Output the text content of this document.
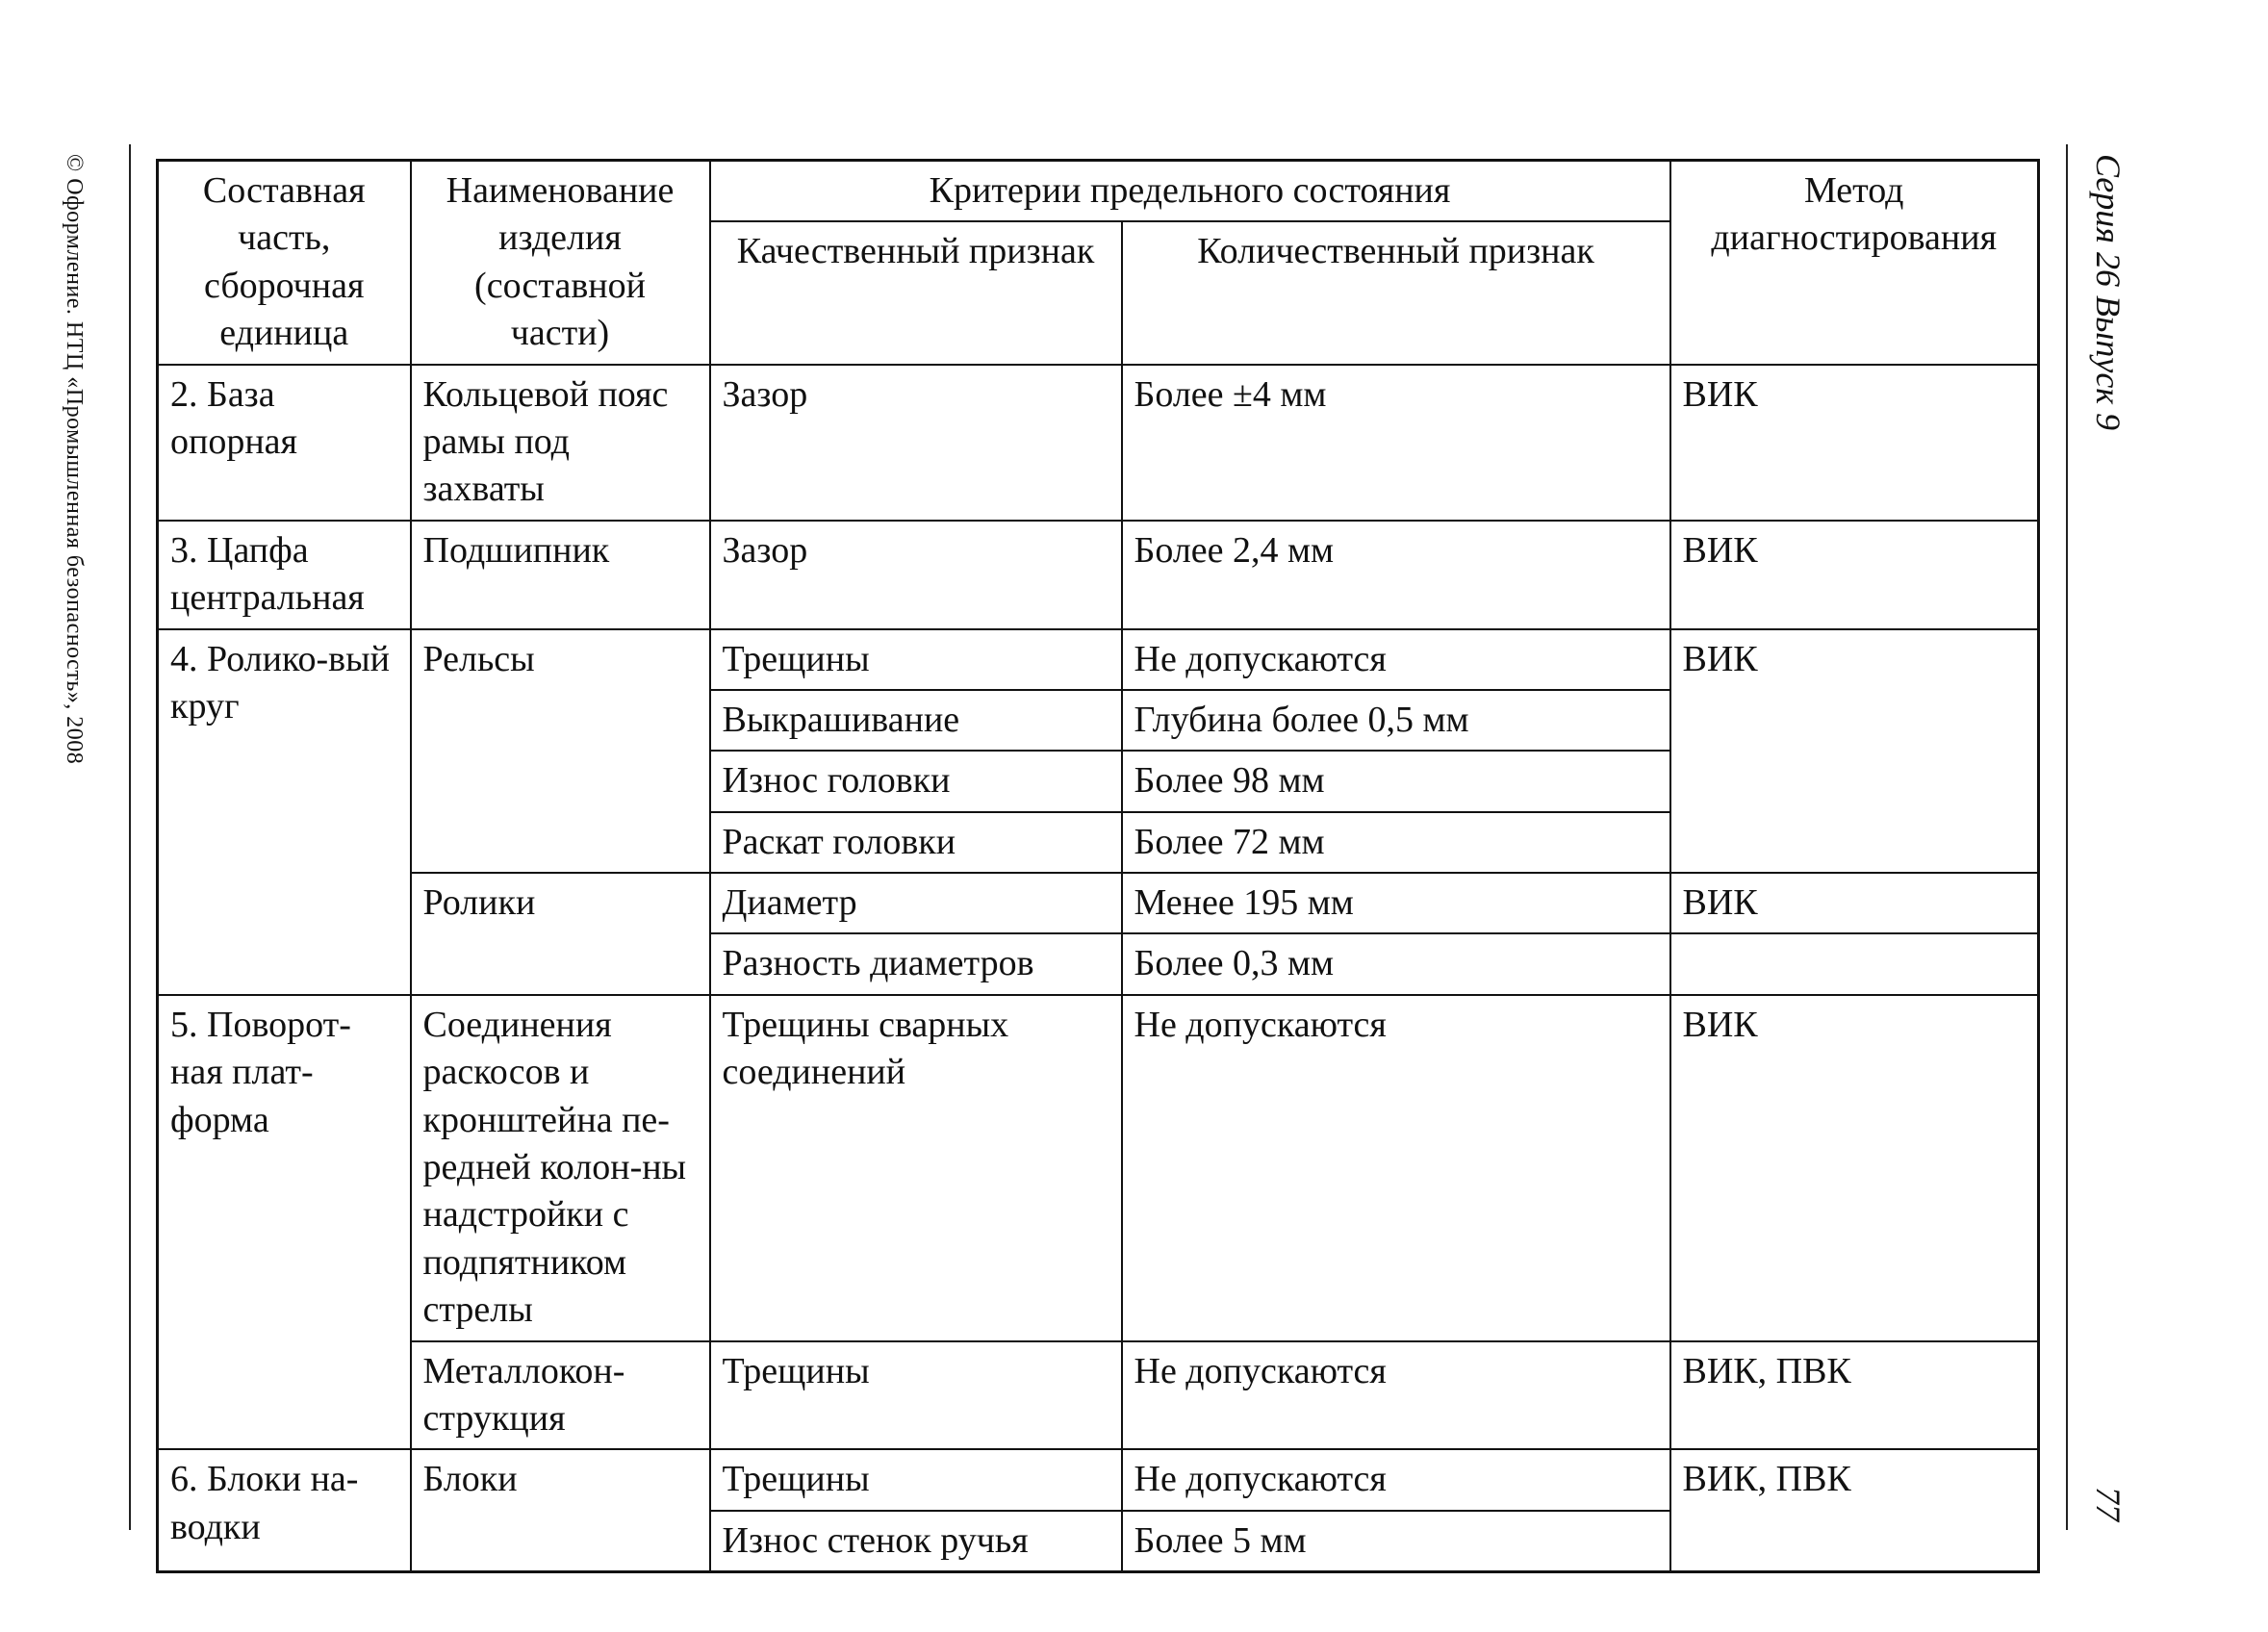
© Оформление. НТЦ «Промышленная безопасность», 2008	Серия 26 Выпуск 9
77
Составная часть, сборочная единица	Наименование изделия (составной части)	Критерии предельного состояния		Метод диагностирования
		Качественный признак	Количественный признак	
2. База опорная	Кольцевой пояс рамы под захваты	Зазор	Более ±4 мм	ВИК
3. Цапфа центральная	Подшипник	Зазор	Более 2,4 мм	ВИК
4. Ролико-вый круг	Рельсы	Трещины	Не допускаются	ВИК
		Выкрашивание	Глубина более 0,5 мм	
		Износ головки	Более 98 мм	
		Раскат головки	Более 72 мм	
	Ролики	Диаметр	Менее 195 мм	ВИК
		Разность диаметров	Более 0,3 мм	
5. Поворот-ная плат-форма	Соединения раскосов и кронштейна пе-редней колон-ны надстройки с подпятником стрелы	Трещины сварных соединений	Не допускаются	ВИК
	Металлокон-струкция	Трещины	Не допускаются	ВИК, ПВК
6. Блоки на-водки	Блоки	Трещины	Не допускаются	ВИК, ПВК
		Износ стенок ручья	Более 5 мм	
